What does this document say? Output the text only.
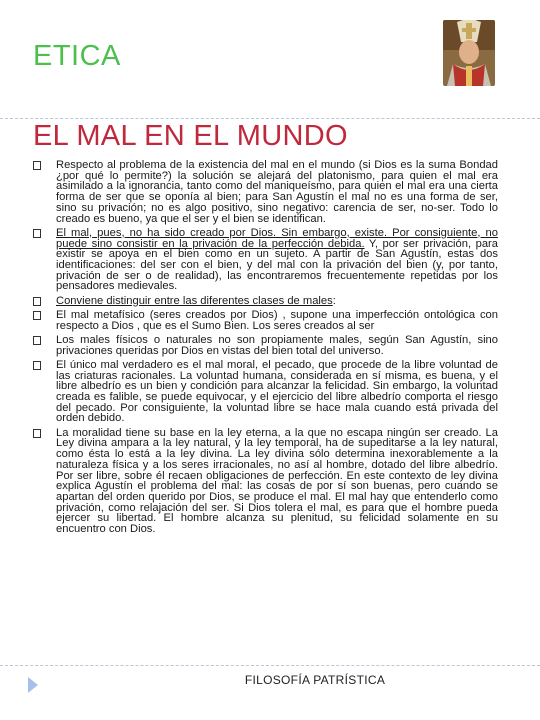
ETICA
EL MAL EN EL MUNDO
Respecto al problema de la existencia del mal en el mundo (si Dios es la suma Bondad ¿por qué lo permite?) la solución se alejará del platonismo, para quien el mal era asimilado a la ignorancia, tanto como del maniqueísmo, para quien el mal era una cierta forma de ser que se oponía al bien; para San Agustín el mal no es una forma de ser, sino su privación; no es algo positivo, sino negativo: carencia de ser, no-ser. Todo lo creado es bueno, ya que el ser y el bien se identifican.
El mal, pues, no ha sido creado por Dios. Sin embargo, existe. Por consiguiente, no puede sino consistir en la privación de la perfección debida. Y, por ser privación, para existir se apoya en el bien como en un sujeto. A partir de San Agustín, estas dos identificaciones: del ser con el bien, y del mal con la privación del bien (y, por tanto, privación de ser o de realidad), las encontraremos frecuentemente repetidas por los pensadores medievales.
Conviene distinguir entre las diferentes clases de males:
El mal metafísico (seres creados por Dios) , supone una imperfección ontológica con respecto a Dios , que es el Sumo Bien. Los seres creados al ser
Los males físicos o naturales no son propiamente males, según San Agustín, sino privaciones queridas por Dios en vistas del bien total del universo.
El único mal verdadero es el mal moral, el pecado, que procede de la libre voluntad de las criaturas racionales. La voluntad humana, considerada en sí misma, es buena, y el libre albedrío es un bien y condición para alcanzar la felicidad. Sin embargo, la voluntad creada es falible, se puede equivocar, y el ejercicio del libre albedrío comporta el riesgo del pecado. Por consiguiente, la voluntad libre se hace mala cuando está privada del orden debido.
La moralidad tiene su base en la ley eterna, a la que no escapa ningún ser creado. La Ley divina ampara a la ley natural, y la ley temporal, ha de supeditarse a la ley natural, como ésta lo está a la ley divina. La ley divina sólo determina inexorablemente a la naturaleza física y a los seres irracionales, no así al hombre, dotado del libre albedrío. Por ser libre, sobre él recaen obligaciones de perfección. En este contexto de ley divina explica Agustín el problema del mal: las cosas de por sí son buenas, pero cuando se apartan del orden querido por Dios, se produce el mal. El mal hay que entenderlo como privación, como relajación del ser. Si Dios tolera el mal, es para que el hombre pueda ejercer su libertad. El hombre alcanza su plenitud, su felicidad solamente en su encuentro con Dios.
FILOSOFÍA PATRÍSTICA
